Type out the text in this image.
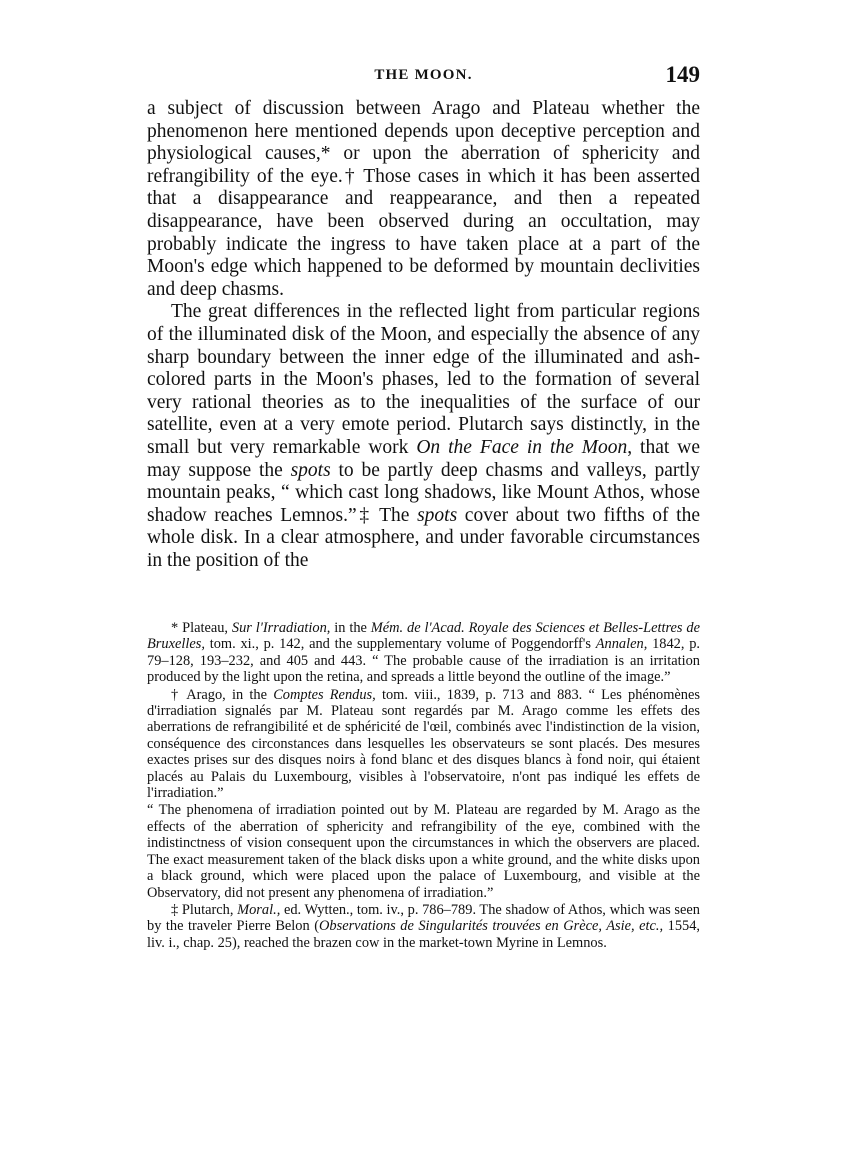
THE MOON.	149

a subject of discussion between Arago and Plateau whether the phenomenon here mentioned depends upon deceptive perception and physiological causes,* or upon the aberration of sphericity and refrangibility of the eye.† Those cases in which it has been asserted that a disappearance and reappearance, and then a repeated disappearance, have been observed during an occultation, may probably indicate the ingress to have taken place at a part of the Moon's edge which happened to be deformed by mountain declivities and deep chasms.

The great differences in the reflected light from particular regions of the illuminated disk of the Moon, and especially the absence of any sharp boundary between the inner edge of the illuminated and ash-colored parts in the Moon's phases, led to the formation of several very rational theories as to the inequalities of the surface of our satellite, even at a very emote period. Plutarch says distinctly, in the small but very remarkable work On the Face in the Moon, that we may suppose the spots to be partly deep chasms and valleys, partly mountain peaks, “ which cast long shadows, like Mount Athos, whose shadow reaches Lemnos.”‡ The spots cover about two fifths of the whole disk. In a clear atmosphere, and under favorable circumstances in the position of the

* Plateau, Sur l'Irradiation, in the Mém. de l'Acad. Royale des Sciences et Belles-Lettres de Bruxelles, tom. xi., p. 142, and the supplementary volume of Poggendorff's Annalen, 1842, p. 79–128, 193–232, and 405 and 443. “ The probable cause of the irradiation is an irritation produced by the light upon the retina, and spreads a little beyond the outline of the image.”

† Arago, in the Comptes Rendus, tom. viii., 1839, p. 713 and 883. “ Les phénomènes d'irradiation signalés par M. Plateau sont regardés par M. Arago comme les effets des aberrations de refrangibilité et de sphéricité de l'œil, combinés avec l'indistinction de la vision, conséquence des circonstances dans lesquelles les observateurs se sont placés. Des mesures exactes prises sur des disques noirs à fond blanc et des disques blancs à fond noir, qui étaient placés au Palais du Luxembourg, visibles à l'observatoire, n'ont pas indiqué les effets de l'irradiation.”

“ The phenomena of irradiation pointed out by M. Plateau are regarded by M. Arago as the effects of the aberration of sphericity and refrangibility of the eye, combined with the indistinctness of vision consequent upon the circumstances in which the observers are placed. The exact measurement taken of the black disks upon a white ground, and the white disks upon a black ground, which were placed upon the palace of Luxembourg, and visible at the Observatory, did not present any phenomena of irradiation.”

‡ Plutarch, Moral., ed. Wytten., tom. iv., p. 786–789. The shadow of Athos, which was seen by the traveler Pierre Belon (Observations de Singularités trouvées en Grèce, Asie, etc., 1554, liv. i., chap. 25), reached the brazen cow in the market-town Myrine in Lemnos.
